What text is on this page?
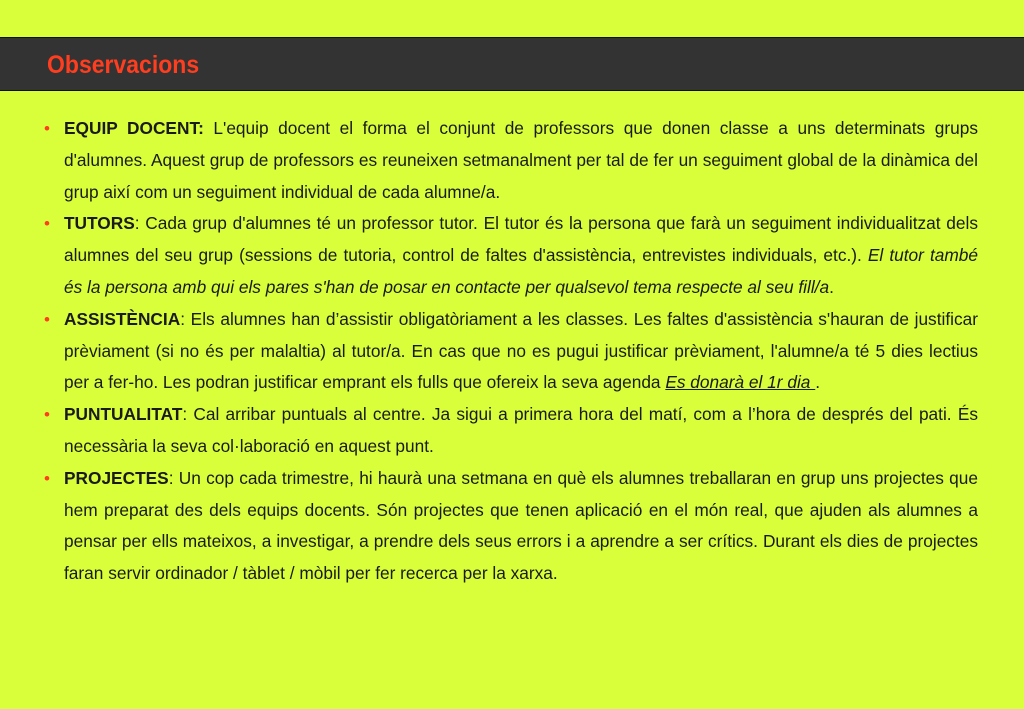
Observacions
• EQUIP DOCENT: L'equip docent el forma el conjunt de professors que donen classe a uns determinats grups d'alumnes. Aquest grup de professors es reuneixen setmanalment per tal de fer un seguiment global de la dinàmica del grup així com un seguiment individual de cada alumne/a.
• TUTORS: Cada grup d'alumnes té un professor tutor. El tutor és la persona que farà un seguiment individualitzat dels alumnes del seu grup (sessions de tutoria, control de faltes d'assistència, entrevistes individuals, etc.). El tutor també és la persona amb qui els pares s'han de posar en contacte per qualsevol tema respecte al seu fill/a.
• ASSISTÈNCIA: Els alumnes han d’assistir obligatòriament a les classes. Les faltes d'assistència s'hauran de justificar prèviament (si no és per malaltia) al tutor/a. En cas que no es pugui justificar prèviament, l'alumne/a té 5 dies lectius per a fer-ho. Les podran justificar emprant els fulls que ofereix la seva agenda Es donarà el 1r dia .
• PUNTUALITAT: Cal arribar puntuals al centre. Ja sigui a primera hora del matí, com a l’hora de després del pati. És necessària la seva col·laboració en aquest punt.
• PROJECTES: Un cop cada trimestre, hi haurà una setmana en què els alumnes treballaran en grup uns projectes que hem preparat des dels equips docents. Són projectes que tenen aplicació en el món real, que ajuden als alumnes a pensar per ells mateixos, a investigar, a prendre dels seus errors i a aprendre a ser crítics. Durant els dies de projectes faran servir ordinador / tàblet / mòbil per fer recerca per la xarxa.
